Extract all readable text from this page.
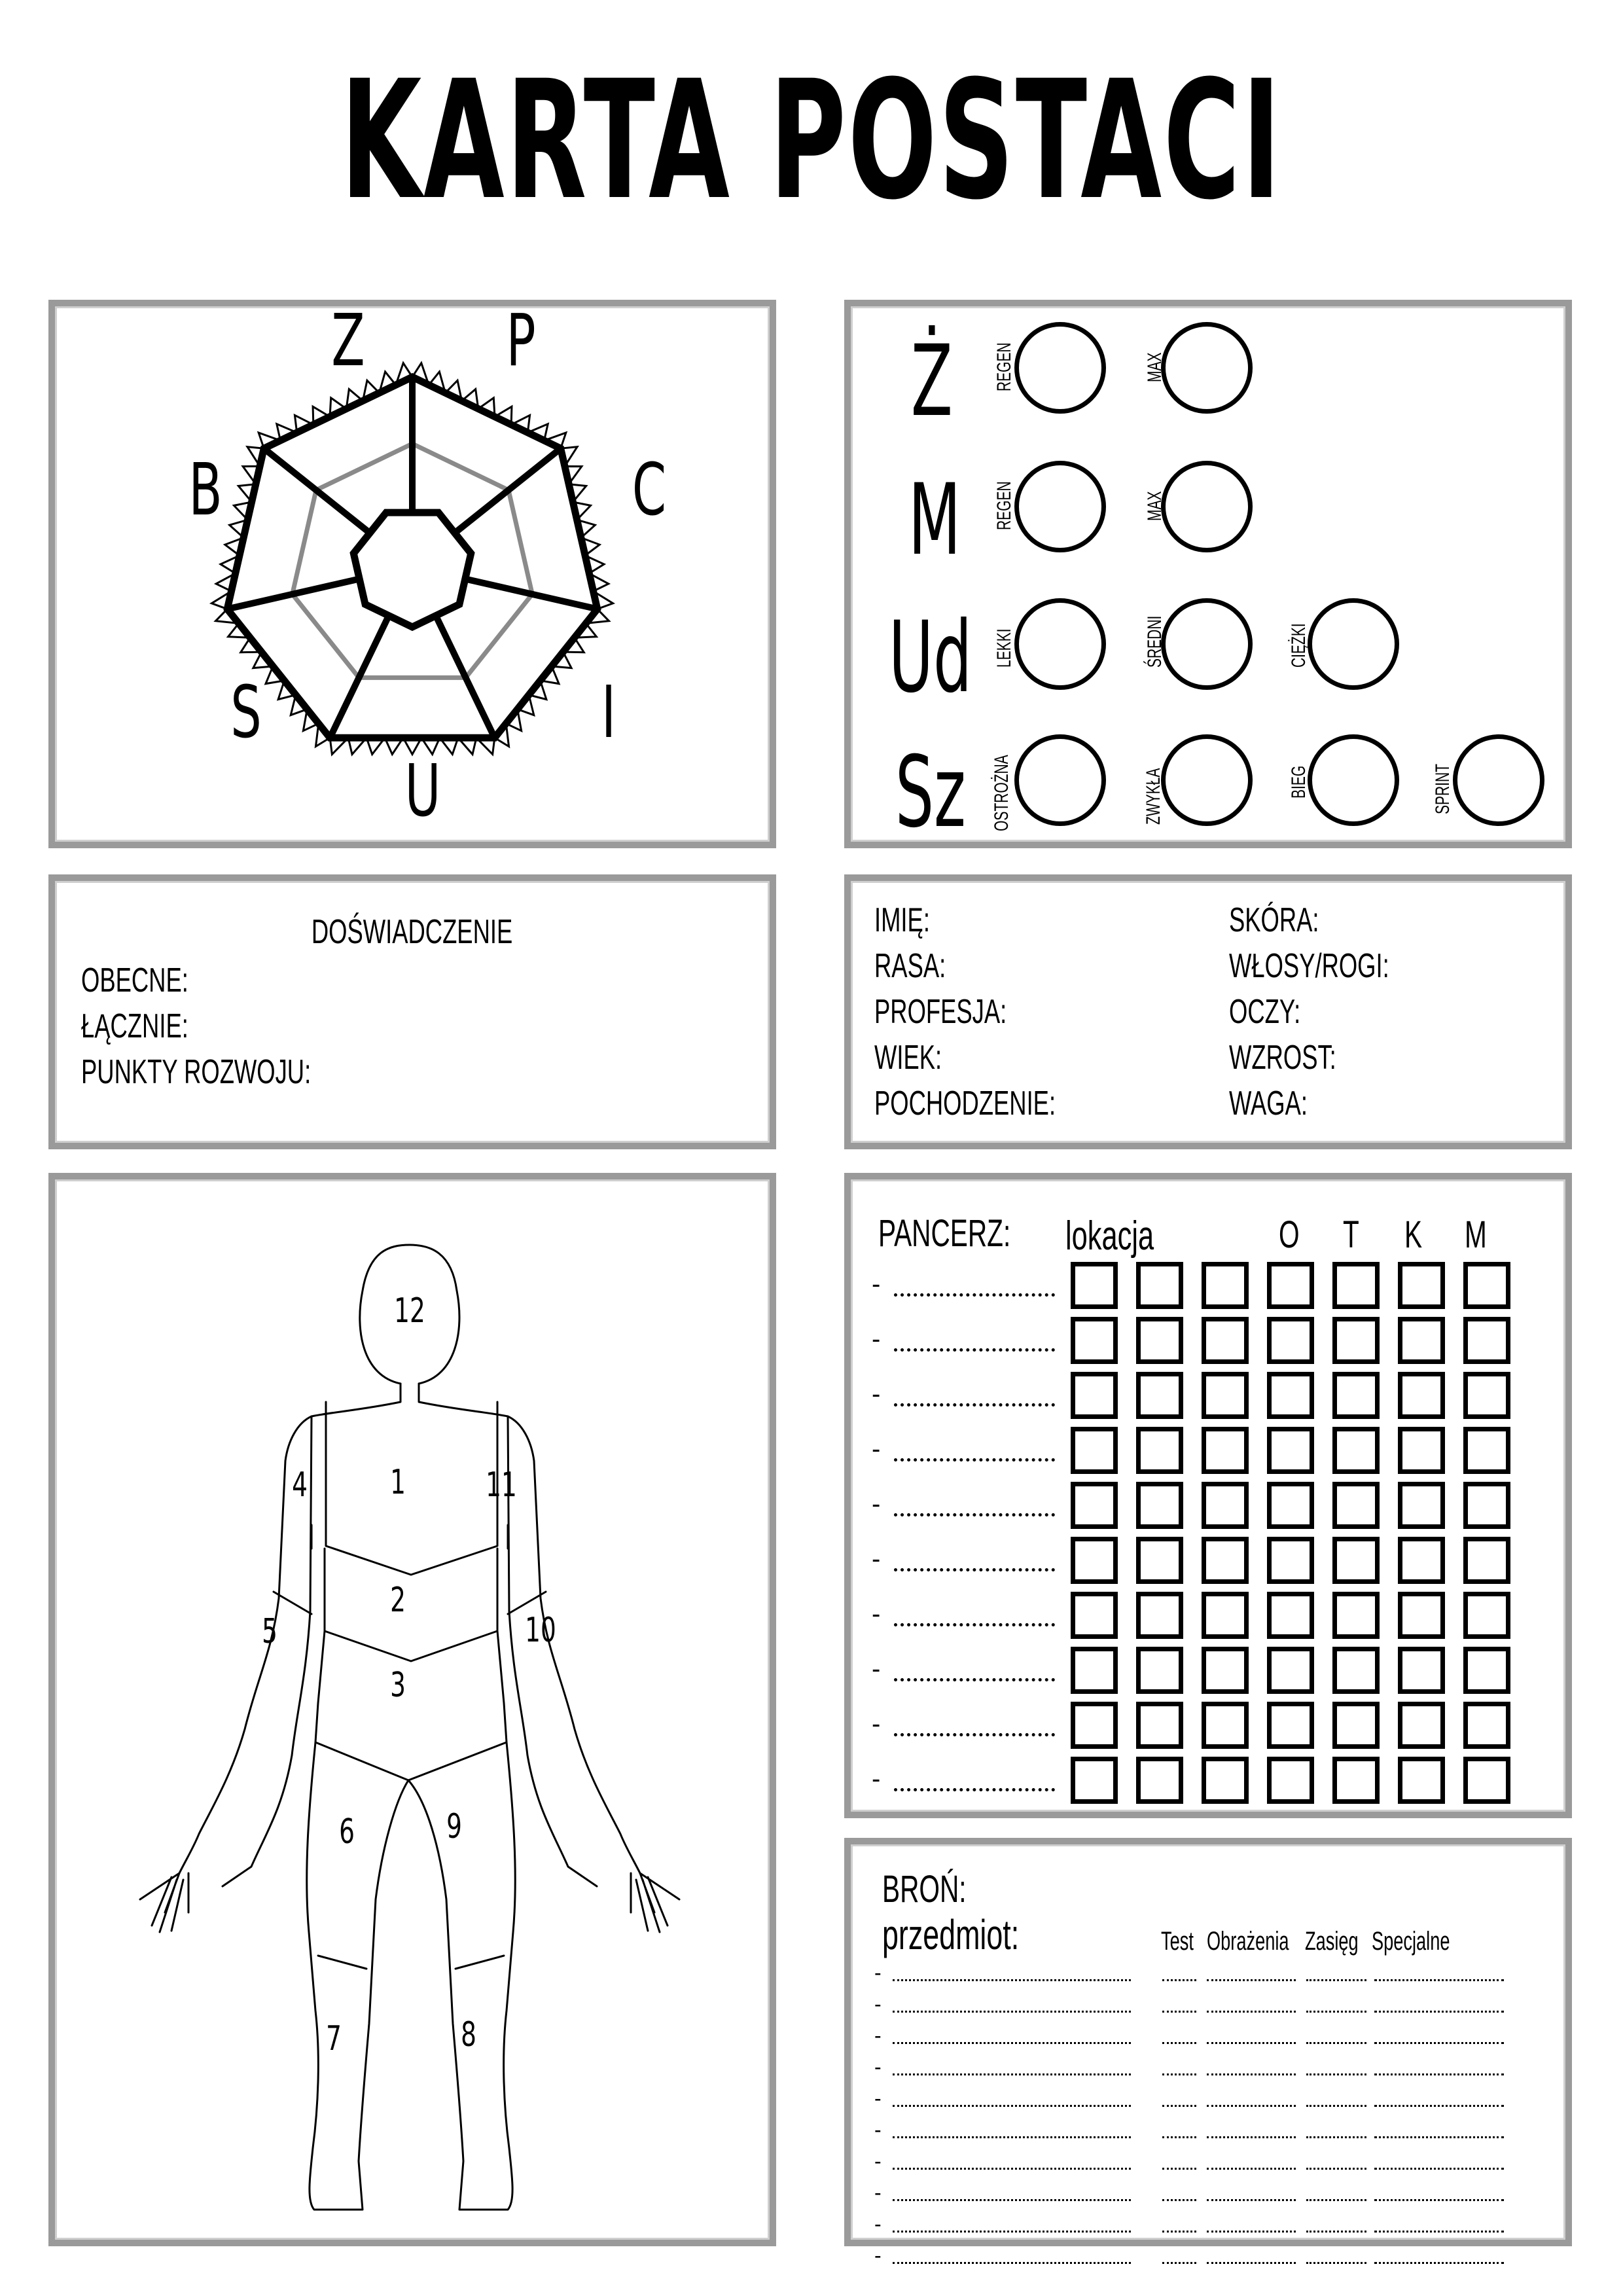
KARTA POSTACI
Z P
C
I
U
S
B
Ż	REGEN	MAX
M	REGEN	MAX
Ud	LEKKI	ŚREDNI	CIĘŻKI
Sz	OSTROŻNA	ZWYKŁA	BIEG	SPRINT
DOŚWIADCZENIE
OBECNE:
ŁĄCZNIE:
PUNKTY ROZWOJU:
IMIĘ:
RASA:
PROFESJA:
WIEK:
POCHODZENIE:
SKÓRA:
WŁOSY/ROGI:
OCZY:
WZROST:
WAGA:
12
1
2
3
4
5
6
7	8
9
10
11
PANCERZ:	lokacja	O T K M
-
-
-
-
-
-
-
-
-
-
BROŃ:
przedmiot:	Test Obrażenia Zasięg Specjalne
-
-
-
-
-
-
-
-
-
-
